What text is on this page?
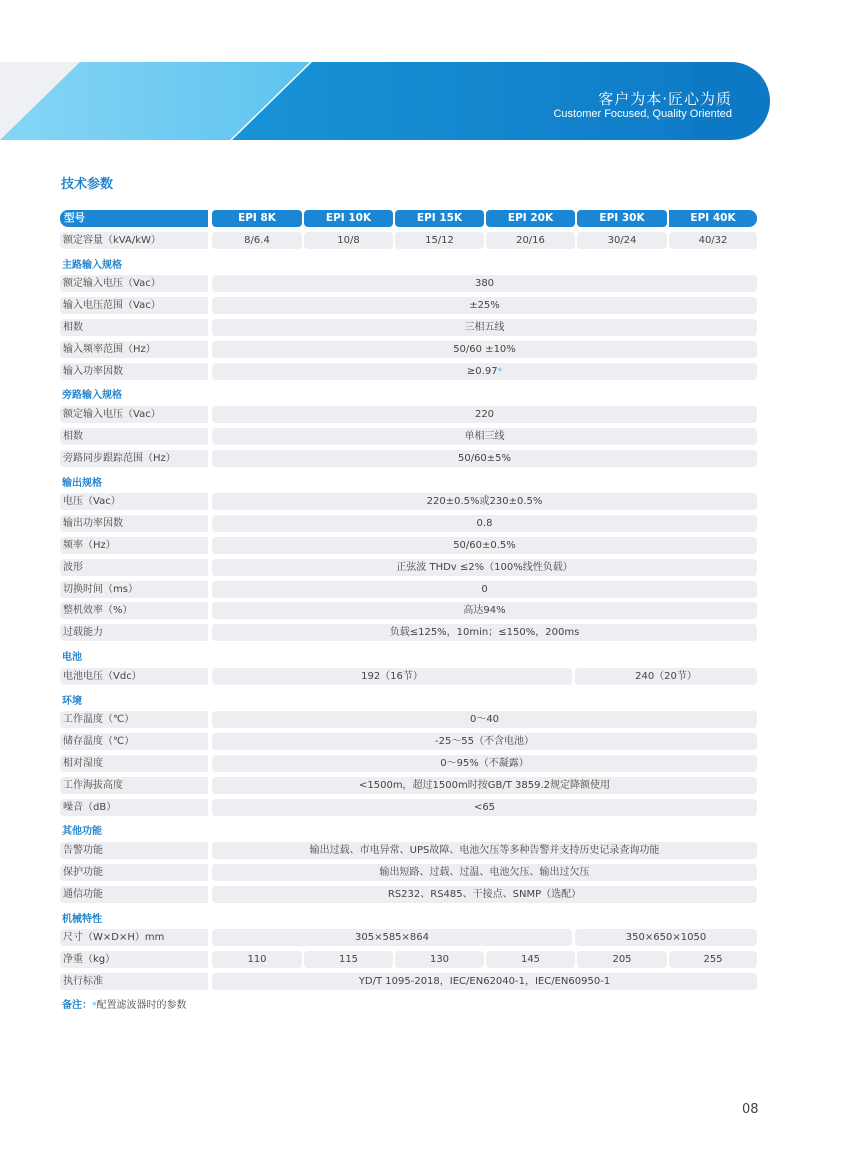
客户为本·匠心为质
Customer Focused, Quality Oriented
技术参数
型号	EPI 8K	EPI 10K	EPI 15K	EPI 20K	EPI 30K	EPI 40K
额定容量（kVA/kW）	8/6.4	10/8	15/12	20/16	30/24	40/32
主路输入规格
额定输入电压（Vac）	380
输入电压范围（Vac）	±25%
相数	三相五线
输入频率范围（Hz）	50/60 ±10%
输入功率因数	≥0.97*
旁路输入规格
额定输入电压（Vac）	220
相数	单相三线
旁路同步跟踪范围（Hz）	50/60±5%
输出规格
电压（Vac）	220±0.5%或230±0.5%
输出功率因数	0.8
频率（Hz）	50/60±0.5%
波形	正弦波 THDv ≤2%（100%线性负载）
切换时间（ms）	0
整机效率（%）	高达94%
过载能力	负载≤125%，10min；≤150%，200ms
电池
电池电压（Vdc）	192（16节）	240（20节）
环境
工作温度（℃）	0～40
储存温度（℃）	-25～55（不含电池）
相对湿度	0～95%（不凝露）
工作海拔高度	<1500m，超过1500m时按GB/T 3859.2规定降额使用
噪音（dB）	<65
其他功能
告警功能	输出过载、市电异常、UPS故障、电池欠压等多种告警并支持历史记录查询功能
保护功能	输出短路、过载、过温、电池欠压、输出过欠压
通信功能	RS232、RS485、干接点、SNMP（选配）
机械特性
尺寸（W×D×H）mm	305×585×864	350×650×1050
净重（kg）	110	115	130	145	205	255
执行标准	YD/T 1095-2018，IEC/EN62040-1，IEC/EN60950-1
备注：*配置滤波器时的参数
08
